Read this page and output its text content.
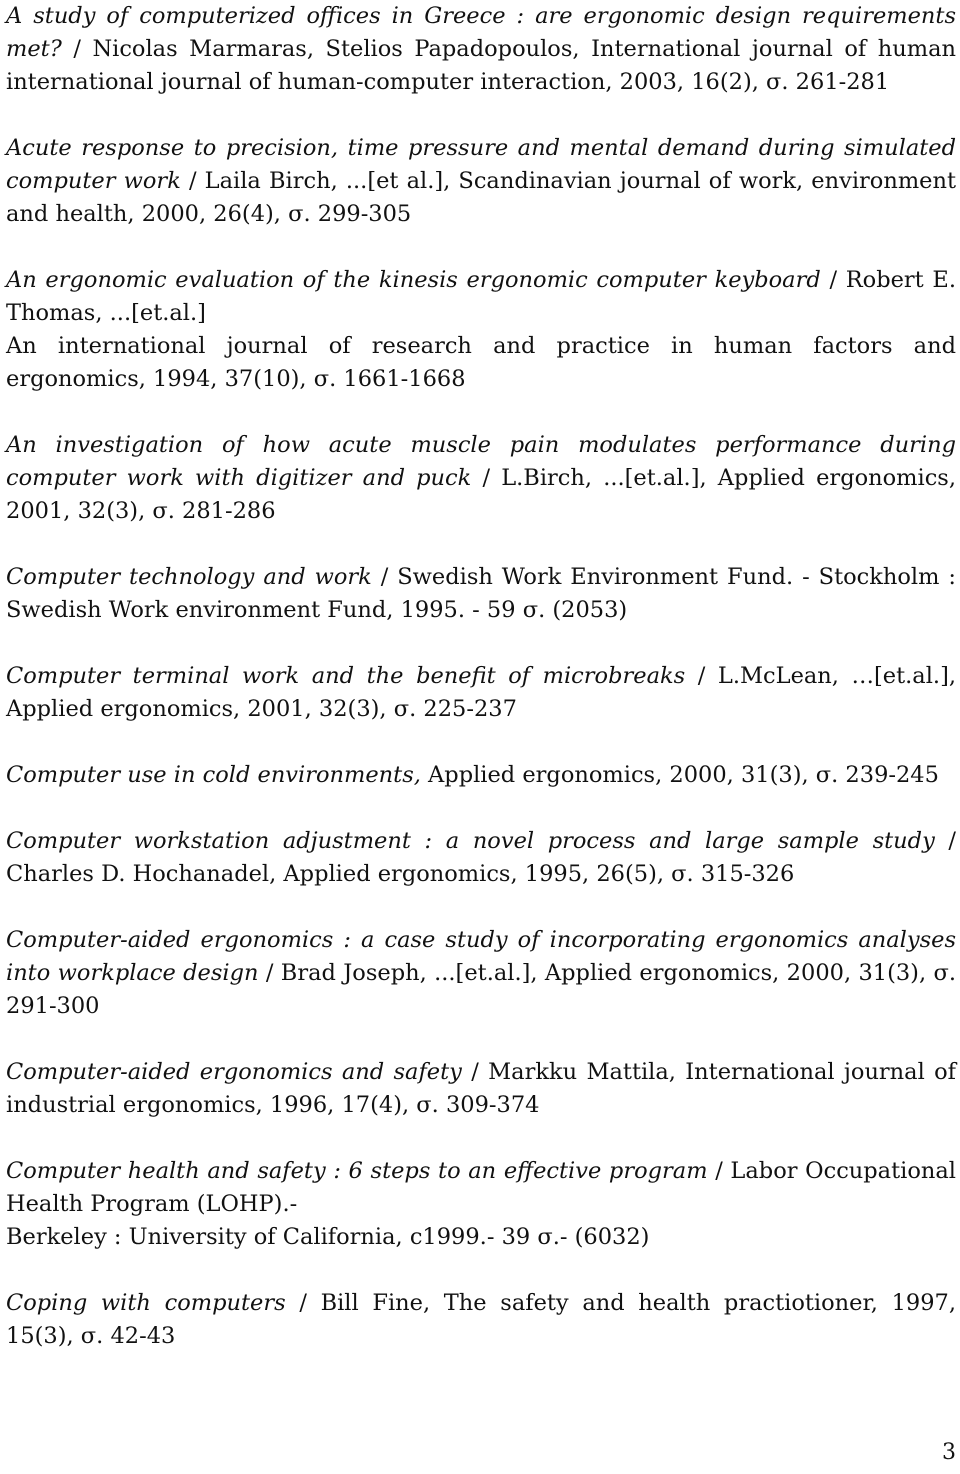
A study of computerized offices in Greece : are ergonomic design requirements met? / Nicolas Marmaras, Stelios Papadopoulos, International journal of human international journal of human-computer interaction, 2003, 16(2), σ. 261-281

Acute response to precision, time pressure and mental demand during simulated computer work / Laila Birch, ...[et al.], Scandinavian journal of work, environment and health, 2000, 26(4), σ. 299-305

An ergonomic evaluation of the kinesis ergonomic computer keyboard / Robert E. Thomas, ...[et.al.]
An international journal of research and practice in human factors and ergonomics, 1994, 37(10), σ. 1661-1668

An investigation of how acute muscle pain modulates performance during computer work with digitizer and puck / L.Birch, ...[et.al.], Applied ergonomics, 2001, 32(3), σ. 281-286

Computer technology and work / Swedish Work Environment Fund. - Stockholm : Swedish Work environment Fund, 1995. - 59 σ. (2053)

Computer terminal work and the benefit of microbreaks / L.McLean, …[et.al.], Applied ergonomics, 2001, 32(3), σ. 225-237

Computer use in cold environments, Applied ergonomics, 2000, 31(3), σ. 239-245

Computer workstation adjustment : a novel process and large sample study / Charles D. Hochanadel, Applied ergonomics, 1995, 26(5), σ. 315-326

Computer-aided ergonomics : a case study of incorporating ergonomics analyses into workplace design / Brad Joseph, ...[et.al.], Applied ergonomics, 2000, 31(3), σ. 291-300

Computer-aided ergonomics and safety / Markku Mattila, International journal of industrial ergonomics, 1996, 17(4), σ. 309-374

Computer health and safety : 6 steps to an effective program / Labor Occupational Health Program (LOHP).-
Berkeley : University of California, c1999.- 39 σ.- (6032)

Coping with computers / Bill Fine, The safety and health practiotioner, 1997, 15(3), σ. 42-43

3
